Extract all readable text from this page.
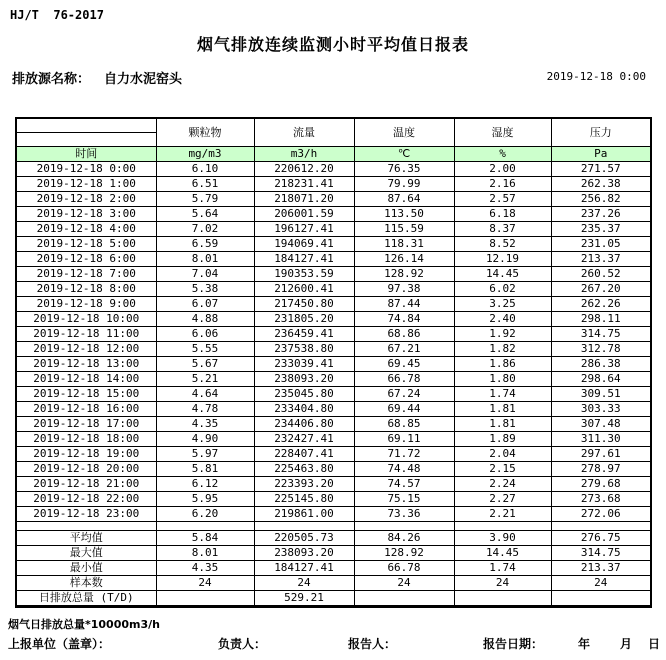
HJ/T  76-2017
烟气排放连续监测小时平均值日报表
排放源名称： 自力水泥窑头	2019-12-18 0:00
	颗粒物	流量	温度	湿度	压力

时间	mg/m3	m3/h	℃	%	Pa
2019-12-18 0:00	6.10	220612.20	76.35	2.00	271.57
2019-12-18 1:00	6.51	218231.41	79.99	2.16	262.38
2019-12-18 2:00	5.79	218071.20	87.64	2.57	256.82
2019-12-18 3:00	5.64	206001.59	113.50	6.18	237.26
2019-12-18 4:00	7.02	196127.41	115.59	8.37	235.37
2019-12-18 5:00	6.59	194069.41	118.31	8.52	231.05
2019-12-18 6:00	8.01	184127.41	126.14	12.19	213.37
2019-12-18 7:00	7.04	190353.59	128.92	14.45	260.52
2019-12-18 8:00	5.38	212600.41	97.38	6.02	267.20
2019-12-18 9:00	6.07	217450.80	87.44	3.25	262.26
2019-12-18 10:00	4.88	231805.20	74.84	2.40	298.11
2019-12-18 11:00	6.06	236459.41	68.86	1.92	314.75
2019-12-18 12:00	5.55	237538.80	67.21	1.82	312.78
2019-12-18 13:00	5.67	233039.41	69.45	1.86	286.38
2019-12-18 14:00	5.21	238093.20	66.78	1.80	298.64
2019-12-18 15:00	4.64	235045.80	67.24	1.74	309.51
2019-12-18 16:00	4.78	233404.80	69.44	1.81	303.33
2019-12-18 17:00	4.35	234406.80	68.85	1.81	307.48
2019-12-18 18:00	4.90	232427.41	69.11	1.89	311.30
2019-12-18 19:00	5.97	228407.41	71.72	2.04	297.61
2019-12-18 20:00	5.81	225463.80	74.48	2.15	278.97
2019-12-18 21:00	6.12	223393.20	74.57	2.24	279.68
2019-12-18 22:00	5.95	225145.80	75.15	2.27	273.68
2019-12-18 23:00	6.20	219861.00	73.36	2.21	272.06

平均值	5.84	220505.73	84.26	3.90	276.75
最大值	8.01	238093.20	128.92	14.45	314.75
最小值	4.35	184127.41	66.78	1.74	213.37
样本数	24	24	24	24	24
日排放总量 (T/D)		529.21			
烟气日排放总量*10000m3/h
上报单位（盖章）：	负责人：	报告人：	报告日期：	年 月 日
